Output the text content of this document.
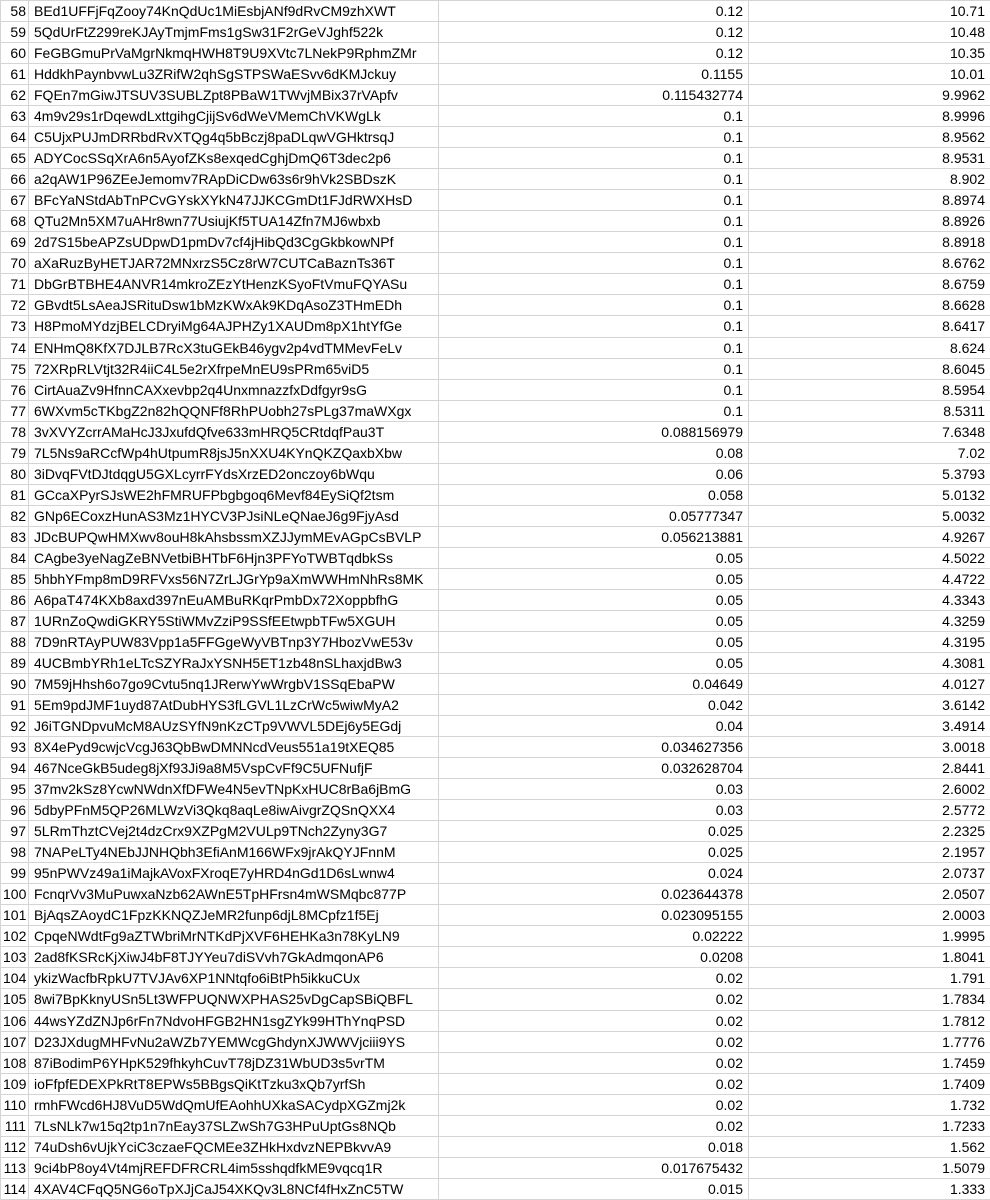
58	BEd1UFFjFqZooy74KnQdUc1MiEsbjANf9dRvCM9zhXWT	0.12	10.71
59	5QdUrFtZ299reKJAyTmjmFms1gSw31F2rGeVJghf522k	0.12	10.48
60	FeGBGmuPrVaMgrNkmqHWH8T9U9XVtc7LNekP9RphmZMr	0.12	10.35
61	HddkhPaynbvwLu3ZRifW2qhSgSTPSWaESvv6dKMJckuy	0.1155	10.01
62	FQEn7mGiwJTSUV3SUBLZpt8PBaW1TWvjMBix37rVApfv	0.115432774	9.9962
63	4m9v29s1rDqewdLxttgihgCjijSv6dWeVMemChVKWgLk	0.1	8.9996
64	C5UjxPUJmDRRbdRvXTQg4q5bBczj8paDLqwVGHktrsqJ	0.1	8.9562
65	ADYCocSSqXrA6n5AyofZKs8exqedCghjDmQ6T3dec2p6	0.1	8.9531
66	a2qAW1P96ZEeJemomv7RApDiCDw63s6r9hVk2SBDszK	0.1	8.902
67	BFcYaNStdAbTnPCvGYskXYkN47JJKCGmDt1FJdRWXHsD	0.1	8.8974
68	QTu2Mn5XM7uAHr8wn77UsiujKf5TUA14Zfn7MJ6wbxb	0.1	8.8926
69	2d7S15beAPZsUDpwD1pmDv7cf4jHibQd3CgGkbkowNPf	0.1	8.8918
70	aXaRuzByHETJAR72MNxrzS5Cz8rW7CUTCaBaznTs36T	0.1	8.6762
71	DbGrBTBHE4ANVR14mkroZEzYtHenzKSyoFtVmuFQYASu	0.1	8.6759
72	GBvdt5LsAeaJSRituDsw1bMzKWxAk9KDqAsoZ3THmEDh	0.1	8.6628
73	H8PmoMYdzjBELCDryiMg64AJPHZy1XAUDm8pX1htYfGe	0.1	8.6417
74	ENHmQ8KfX7DJLB7RcX3tuGEkB46ygv2p4vdTMMevFeLv	0.1	8.624
75	72XRpRLVtjt32R4iiC4L5e2rXfrpeMnEU9sPRm65viD5	0.1	8.6045
76	CirtAuaZv9HfnnCAXxevbp2q4UnxmnazzfxDdfgyr9sG	0.1	8.5954
77	6WXvm5cTKbgZ2n82hQQNFf8RhPUobh27sPLg37maWXgx	0.1	8.5311
78	3vXVYZcrrAMaHcJ3JxufdQfve633mHRQ5CRtdqfPau3T	0.088156979	7.6348
79	7L5Ns9aRCcfWp4hUtpumR8jsJ5nXXU4KYnQKZQaxbXbw	0.08	7.02
80	3iDvqFVtDJtdqgU5GXLcyrrFYdsXrzED2onczoy6bWqu	0.06	5.3793
81	GCcaXPyrSJsWE2hFMRUFPbgbgoq6Mevf84EySiQf2tsm	0.058	5.0132
82	GNp6ECoxzHunAS3Mz1HYCV3PJsiNLeQNaeJ6g9FjyAsd	0.05777347	5.0032
83	JDcBUPQwHMXwv8ouH8kAhsbssmXZJJymMEvAGpCsBVLP	0.056213881	4.9267
84	CAgbe3yeNagZeBNVetbiBHTbF6Hjn3PFYoTWBTqdbkSs	0.05	4.5022
85	5hbhYFmp8mD9RFVxs56N7ZrLJGrYp9aXmWWHmNhRs8MK	0.05	4.4722
86	A6paT474KXb8axd397nEuAMBuRKqrPmbDx72XoppbfhG	0.05	4.3343
87	1URnZoQwdiGKRY5StiWMvZziP9SSfEEtwpbTFw5XGUH	0.05	4.3259
88	7D9nRTAyPUW83Vpp1a5FFGgeWyVBTnp3Y7HbozVwE53v	0.05	4.3195
89	4UCBmbYRh1eLTcSZYRaJxYSNH5ET1zb48nSLhaxjdBw3	0.05	4.3081
90	7M59jHhsh6o7go9Cvtu5nq1JRerwYwWrgbV1SSqEbaPW	0.04649	4.0127
91	5Em9pdJMF1uyd87AtDubHYS3fLGVL1LzCrWc5wiwMyA2	0.042	3.6142
92	J6iTGNDpvuMcM8AUzSYfN9nKzCTp9VWVL5DEj6y5EGdj	0.04	3.4914
93	8X4ePyd9cwjcVcgJ63QbBwDMNNcdVeus551a19tXEQ85	0.034627356	3.0018
94	467NceGkB5udeg8jXf93Ji9a8M5VspCvFf9C5UFNufjF	0.032628704	2.8441
95	37mv2kSz8YcwNWdnXfDFWe4N5evTNpKxHUC8rBa6jBmG	0.03	2.6002
96	5dbyPFnM5QP26MLWzVi3Qkq8aqLe8iwAivgrZQSnQXX4	0.03	2.5772
97	5LRmThztCVej2t4dzCrx9XZPgM2VULp9TNch2Zyny3G7	0.025	2.2325
98	7NAPeLTy4NEbJJNHQbh3EfiAnM166WFx9jrAkQYJFnnM	0.025	2.1957
99	95nPWVz49a1iMajkAVoxFXroqE7yHRD4nGd1D6sLwnw4	0.024	2.0737
100	FcnqrVv3MuPuwxaNzb62AWnE5TpHFrsn4mWSMqbc877P	0.023644378	2.0507
101	BjAqsZAoydC1FpzKKNQZJeMR2funp6djL8MCpfz1f5Ej	0.023095155	2.0003
102	CpqeNWdtFg9aZTWbriMrNTKdPjXVF6HEHKa3n78KyLN9	0.02222	1.9995
103	2ad8fKSRcKjXiwJ4bF8TJYYeu7diSVvh7GkAdmqonAP6	0.0208	1.8041
104	ykizWacfbRpkU7TVJAv6XP1NNtqfo6iBtPh5ikkuCUx	0.02	1.791
105	8wi7BpKknyUSn5Lt3WFPUQNWXPHAS25vDgCapSBiQBFL	0.02	1.7834
106	44wsYZdZNJp6rFn7NdvoHFGB2HN1sgZYk99HThYnqPSD	0.02	1.7812
107	D23JXdugMHFvNu2aWZb7YEMWcgGhdynXJWWVjciii9YS	0.02	1.7776
108	87iBodimP6YHpK529fhkyhCuvT78jDZ31WbUD3s5vrTM	0.02	1.7459
109	ioFfpfEDEXPkRtT8EPWs5BBgsQiKtTzku3xQb7yrfSh	0.02	1.7409
110	rmhFWcd6HJ8VuD5WdQmUfEAohhUXkaSACydpXGZmj2k	0.02	1.732
111	7LsNLk7w15q2tp1n7nEay37SLZwSh7G3HPuUptGs8NQb	0.02	1.7233
112	74uDsh6vUjkYciC3czaeFQCMEe3ZHkHxdvzNEPBkvvA9	0.018	1.562
113	9ci4bP8oy4Vt4mjREFDFRCRL4im5sshqdfkME9vqcq1R	0.017675432	1.5079
114	4XAV4CFqQ5NG6oTpXJjCaJ54XKQv3L8NCf4fHxZnC5TW	0.015	1.333
